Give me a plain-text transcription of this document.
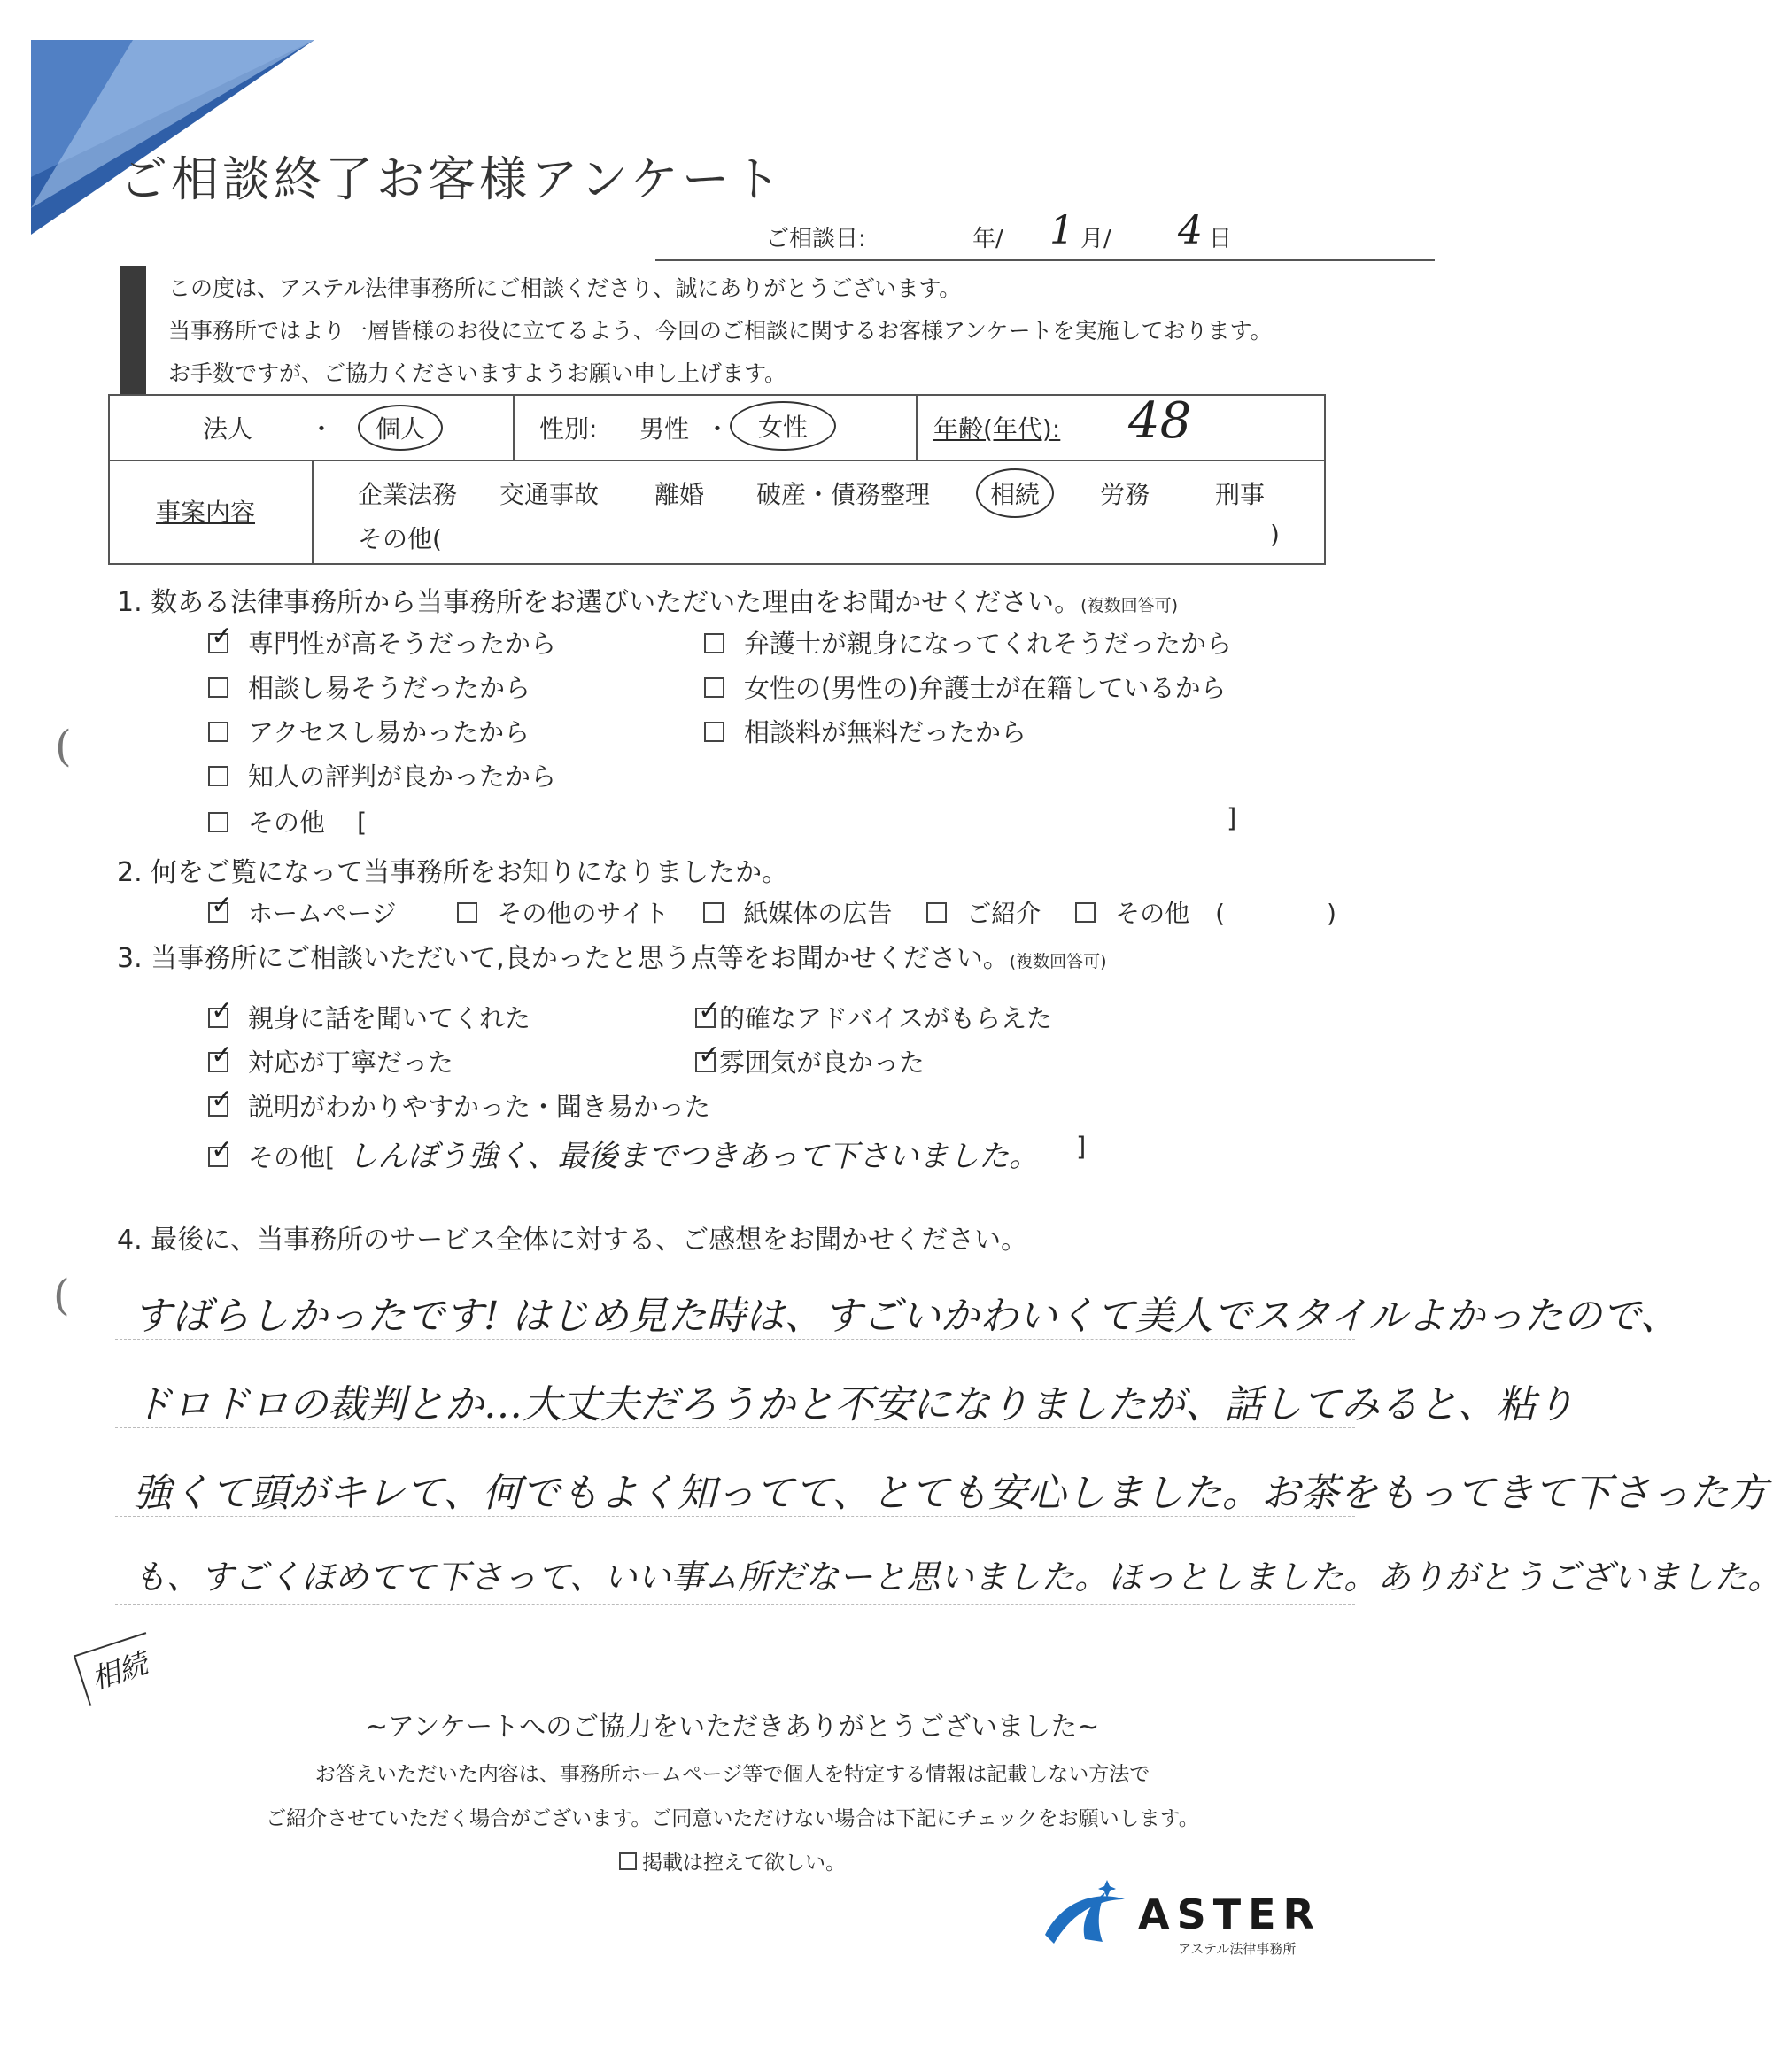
ご相談終了お客様アンケート
ご相談日:	年/ 1 月/ 4 日
この度は、アステル法律事務所にご相談くださり、誠にありがとうございます。
当事務所ではより一層皆様のお役に立てるよう、今回のご相談に関するお客様アンケートを実施しております。
お手数ですが、ご協力くださいますようお願い申し上げます。
法人 ・	個人	性別: 男性 ・	女性	年齢(年代): 48
事案内容
企業法務 交通事故 離婚 破産・債務整理	相続	労務	刑事
その他(	)
1. 数ある法律事務所から当事務所をお選びいただいた理由をお聞かせください。(複数回答可)
✓専門性が高そうだったから
相談し易そうだったから
アクセスし易かったから
知人の評判が良かったから
弁護士が親身になってくれそうだったから
女性の(男性の)弁護士が在籍しているから
相談料が無料だったから
その他 [	]
(
2. 何をご覧になって当事務所をお知りになりましたか。
✓ホームページ	その他のサイト	紙媒体の広告	ご紹介	その他 (	)
3. 当事務所にご相談いただいて,良かったと思う点等をお聞かせください。(複数回答可)
✓親身に話を聞いてくれた
✓対応が丁寧だった
✓説明がわかりやすかった・聞き易かった
✓的確なアドバイスがもらえた
✓雰囲気が良かった
✓その他[ しんぼう強く、最後までつきあって下さいました。 ]
4. 最後に、当事務所のサービス全体に対する、ご感想をお聞かせください。
( すばらしかったです! はじめ見た時は、すごいかわいくて美人でスタイルよかったので、
ドロドロの裁判とか…大丈夫だろうかと不安になりましたが、話してみると、粘り
強くて頭がキレて、何でもよく知ってて、とても安心しました。お茶をもってきて下さった方
も、すごくほめてて下さって、いい事ム所だなーと思いました。ほっとしました。ありがとうございました。
相続
~アンケートへのご協力をいただきありがとうございました~
お答えいただいた内容は、事務所ホームページ等で個人を特定する情報は記載しない方法で
ご紹介させていただく場合がございます。ご同意いただけない場合は下記にチェックをお願いします。
掲載は控えて欲しい。
ASTER
アステル法律事務所
